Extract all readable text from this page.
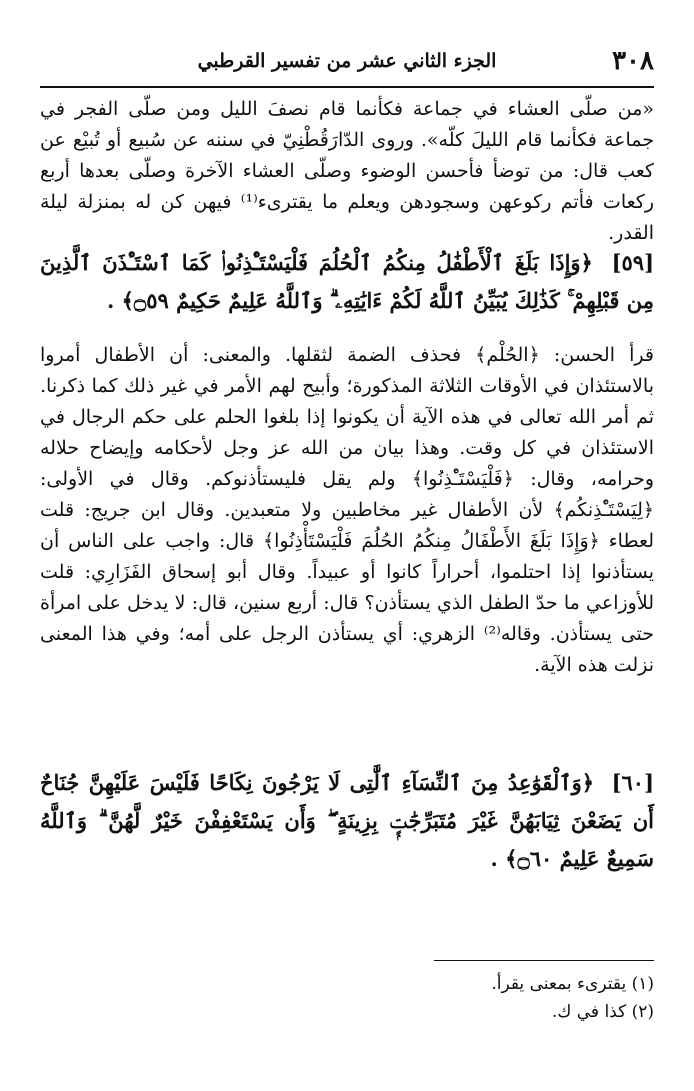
٣٠٨
الجزء الثاني عشر من تفسير القرطبي

«من صلّى العشاء في جماعة فكأنما قام نصفَ الليل ومن صلّى الفجر في جماعة فكأنما قام الليلَ كلّه». وروى الدّارَقُطْنِيّ في سننه عن سُبيع أو تُبيْع عن كعب قال: من توضأ فأحسن الوضوء وصلّى العشاء الآخرة وصلّى بعدها أربع ركعات فأتم ركوعهن وسجودهن ويعلم ما يقترىء⁽¹⁾ فيهن كن له بمنزلة ليلة القدر.

[٥٩] ﴿وَإِذَا بَلَغَ ٱلْأَطْفَٰلُ مِنكُمُ ٱلْحُلُمَ فَلْيَسْتَـْٔذِنُوا۟ كَمَا ٱسْتَـْٔذَنَ ٱلَّذِينَ مِن قَبْلِهِمْ ۚ كَذَٰلِكَ يُبَيِّنُ ٱللَّهُ لَكُمْ ءَايَٰتِهِۦ ۗ وَٱللَّهُ عَلِيمٌ حَكِيمٌ ۝٥٩﴾ .

قرأ الحسن: ﴿الحُلْم﴾ فحذف الضمة لثقلها. والمعنى: أن الأطفال أمروا بالاستئذان في الأوقات الثلاثة المذكورة؛ وأبيح لهم الأمر في غير ذلك كما ذكرنا. ثم أمر الله تعالى في هذه الآية أن يكونوا إذا بلغوا الحلم على حكم الرجال في الاستئذان في كل وقت. وهذا بيان من الله عز وجل لأحكامه وإيضاح حلاله وحرامه، وقال: ﴿فَلْيَسْتَـْٔذِنُوا﴾ ولم يقل فليستأذنوكم. وقال في الأولى: ﴿لِيَسْتَـْٔذِنكُم﴾ لأن الأطفال غير مخاطبين ولا متعبدين. وقال ابن جريج: قلت لعطاء ﴿وَإِذَا بَلَغَ الأَطْفَالُ مِنكُمُ الحُلُمَ فَلْيَسْتَأْذِنُوا﴾ قال: واجب على الناس أن يستأذنوا إذا احتلموا، أحراراً كانوا أو عبيداً. وقال أبو إسحاق الفَزَارِي: قلت للأوزاعي ما حدّ الطفل الذي يستأذن؟ قال: أربع سنين، قال: لا يدخل على امرأة حتى يستأذن. وقاله⁽²⁾ الزهري: أي يستأذن الرجل على أمه؛ وفي هذا المعنى نزلت هذه الآية.

[٦٠] ﴿وَٱلْقَوَٰعِدُ مِنَ ٱلنِّسَآءِ ٱلَّٰتِى لَا يَرْجُونَ نِكَاحًا فَلَيْسَ عَلَيْهِنَّ جُنَاحٌ أَن يَضَعْنَ ثِيَابَهُنَّ غَيْرَ مُتَبَرِّجَٰتٍۭ بِزِينَةٍ ۖ وَأَن يَسْتَعْفِفْنَ خَيْرٌ لَّهُنَّ ۗ وَٱللَّهُ سَمِيعٌ عَلِيمٌ ۝٦٠﴾ .
(١) يقترىء بمعنى يقرأ.
(٢) كذا في ك.
